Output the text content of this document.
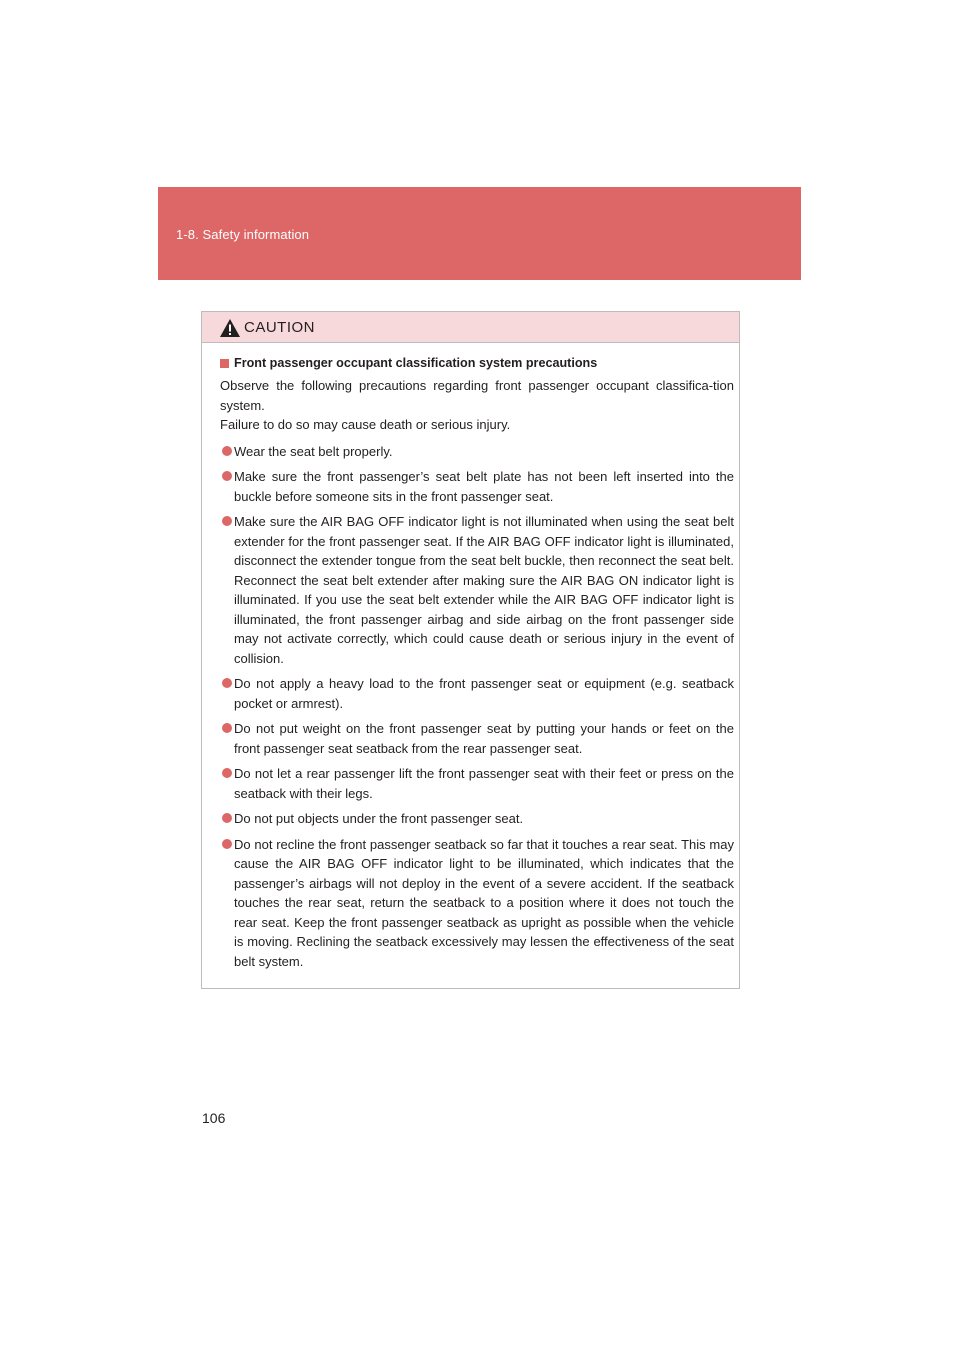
1-8. Safety information
CAUTION
Front passenger occupant classification system precautions

Observe the following precautions regarding front passenger occupant classifica-tion system.
Failure to do so may cause death or serious injury.

Wear the seat belt properly.
Make sure the front passenger’s seat belt plate has not been left inserted into the buckle before someone sits in the front passenger seat.
Make sure the AIR BAG OFF indicator light is not illuminated when using the seat belt extender for the front passenger seat. If the AIR BAG OFF indicator light is illuminated, disconnect the extender tongue from the seat belt buckle, then reconnect the seat belt. Reconnect the seat belt extender after making sure the AIR BAG ON indicator light is illuminated. If you use the seat belt extender while the AIR BAG OFF indicator light is illuminated, the front passenger airbag and side airbag on the front passenger side may not activate correctly, which could cause death or serious injury in the event of collision.
Do not apply a heavy load to the front passenger seat or equipment (e.g. seatback pocket or armrest).
Do not put weight on the front passenger seat by putting your hands or feet on the front passenger seat seatback from the rear passenger seat.
Do not let a rear passenger lift the front passenger seat with their feet or press on the seatback with their legs.
Do not put objects under the front passenger seat.
Do not recline the front passenger seatback so far that it touches a rear seat. This may cause the AIR BAG OFF indicator light to be illuminated, which indicates that the passenger’s airbags will not deploy in the event of a severe accident. If the seatback touches the rear seat, return the seatback to a position where it does not touch the rear seat. Keep the front passenger seatback as upright as possible when the vehicle is moving. Reclining the seatback excessively may lessen the effectiveness of the seat belt system.
106
